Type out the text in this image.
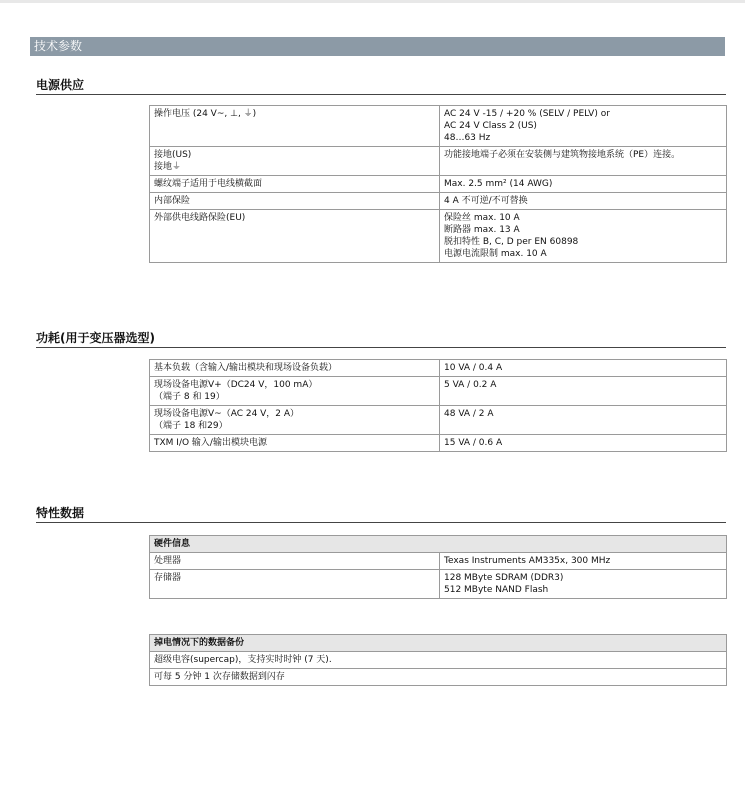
技术参数
电源供应
操作电压 (24 V~, ⊥, ⏚)	AC 24 V -15 / +20 % (SELV / PELV) or
AC 24 V Class 2 (US)
48…63 Hz

接地(US)
接地⏚	功能接地端子必须在安装侧与建筑物接地系统（PE）连接。
螺纹端子适用于电线横截面	Max. 2.5 mm² (14 AWG)
内部保险	4 A 不可逆/不可替换
外部供电线路保险(EU)	保险丝 max. 10 A
断路器 max. 13 A
脱扣特性 B, C, D per EN 60898
电源电流限制 max. 10 A
功耗(用于变压器选型)
基本负载（含输入/输出模块和现场设备负载）	10 VA / 0.4 A

现场设备电源V+（DC24 V，100 mA）
（端子 8 和 19）	5 VA / 0.2 A

现场设备电源V~（AC 24 V，2 A）
（端子 18 和29）	48 VA / 2 A
TXM I/O 输入/输出模块电源	15 VA / 0.6 A
特性数据
硬件信息	
处理器	Texas Instruments AM335x, 300 MHz
存储器	128 MByte SDRAM (DDR3)
512 MByte NAND Flash
掉电情况下的数据备份
超级电容(supercap)，支持实时时钟 (7 天).
可每 5 分钟 1 次存储数据到闪存
